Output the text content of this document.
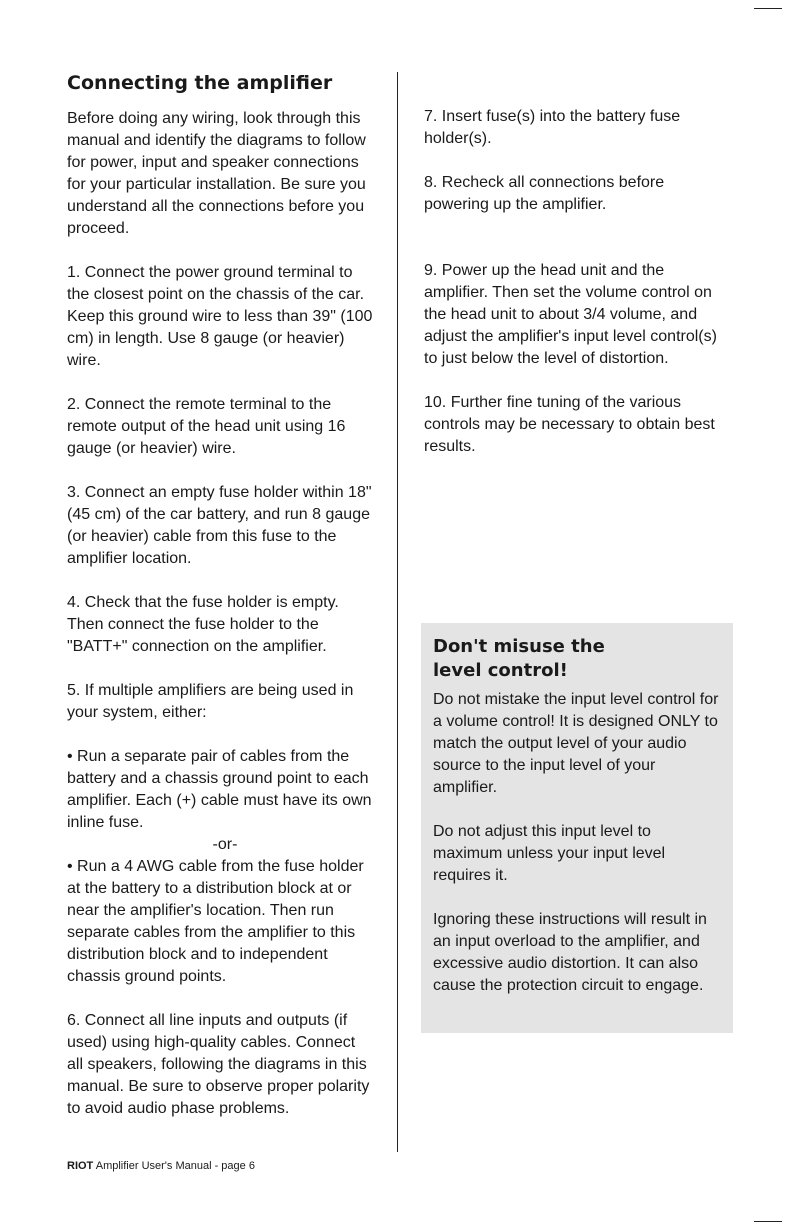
Connecting the amplifier

Before doing any wiring, look through this manual and identify the diagrams to follow for power, input and speaker connections for your particular installation. Be sure you understand all the connections before you proceed.

1. Connect the power ground terminal to the closest point on the chassis of the car. Keep this ground wire to less than 39" (100 cm) in length. Use 8 gauge (or heavier) wire.

2. Connect the remote terminal to the remote output of the head unit using 16 gauge (or heavier) wire.

3. Connect an empty fuse holder within 18" (45 cm) of the car battery, and run 8 gauge (or heavier) cable from this fuse to the amplifier location.

4. Check that the fuse holder is empty. Then connect the fuse holder to the "BATT+" connection on the amplifier.

5. If multiple amplifiers are being used in your system, either:

• Run a separate pair of cables from the battery and a chassis ground point to each amplifier. Each (+) cable must have its own inline fuse.

-or-

• Run a 4 AWG cable from the fuse holder at the battery to a distribution block at or near the amplifier's location. Then run separate cables from the amplifier to this distribution block and to independent chassis ground points.

6. Connect all line inputs and outputs (if used) using high-quality cables. Connect all speakers, following the diagrams in this manual. Be sure to observe proper polarity to avoid audio phase problems.

7. Insert fuse(s) into the battery fuse holder(s).

8. Recheck all connections before powering up the amplifier.

9. Power up the head unit and the amplifier. Then set the volume control on the head unit to about 3/4 volume, and adjust the amplifier's input level control(s) to just below the level of distortion.

10. Further fine tuning of the various controls may be necessary to obtain best results.

Don't misuse the
level control!

Do not mistake the input level control for a volume control! It is designed ONLY to match the output level of your audio source to the input level of your amplifier.

Do not adjust this input level to maximum unless your input level requires it.

Ignoring these instructions will result in an input overload to the amplifier, and excessive audio distortion. It can also cause the protection circuit to engage.

RIOT Amplifier User's Manual - page 6
